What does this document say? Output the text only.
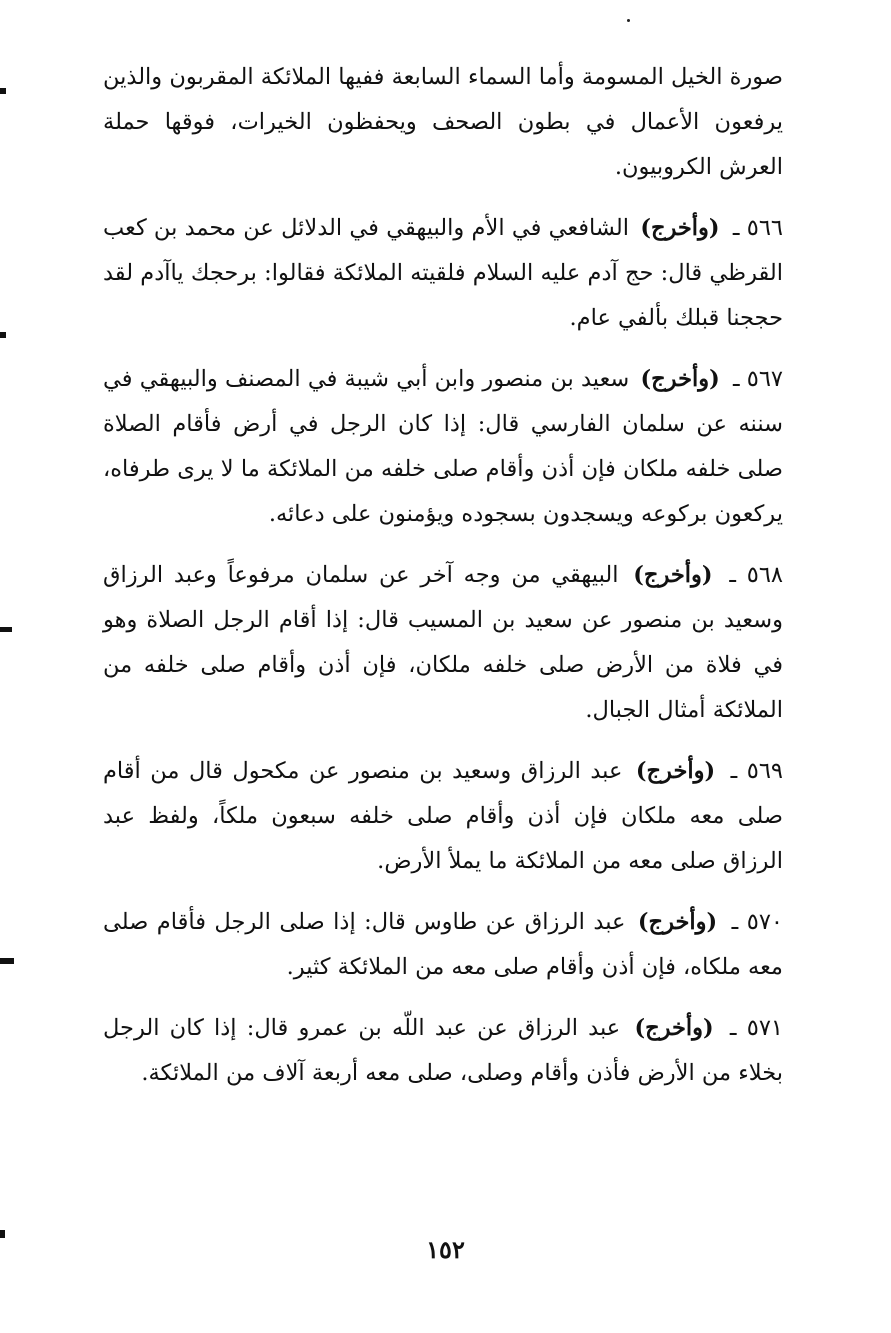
صورة الخيل المسومة وأما السماء السابعة ففيها الملائكة المقربون والذين يرفعون الأعمال في بطون الصحف ويحفظون الخيرات، فوقها حملة العرش الكروبيون.

٥٦٦ ـ (وأخرج) الشافعي في الأم والبيهقي في الدلائل عن محمد بن كعب القرظي قال: حج آدم عليه السلام فلقيته الملائكة فقالوا: برحجك ياآدم لقد حججنا قبلك بألفي عام.

٥٦٧ ـ (وأخرج) سعيد بن منصور وابن أبي شيبة في المصنف والبيهقي في سننه عن سلمان الفارسي قال: إذا كان الرجل في أرض فأقام الصلاة صلى خلفه ملكان فإن أذن وأقام صلى خلفه من الملائكة ما لا يرى طرفاه، يركعون بركوعه ويسجدون بسجوده ويؤمنون على دعائه.

٥٦٨ ـ (وأخرج) البيهقي من وجه آخر عن سلمان مرفوعاً وعبد الرزاق وسعيد بن منصور عن سعيد بن المسيب قال: إذا أقام الرجل الصلاة وهو في فلاة من الأرض صلى خلفه ملكان، فإن أذن وأقام صلى خلفه من الملائكة أمثال الجبال.

٥٦٩ ـ (وأخرج) عبد الرزاق وسعيد بن منصور عن مكحول قال من أقام صلى معه ملكان فإن أذن وأقام صلى خلفه سبعون ملكاً، ولفظ عبد الرزاق صلى معه من الملائكة ما يملأ الأرض.

٥٧٠ ـ (وأخرج) عبد الرزاق عن طاوس قال: إذا صلى الرجل فأقام صلى معه ملكاه، فإن أذن وأقام صلى معه من الملائكة كثير.

٥٧١ ـ (وأخرج) عبد الرزاق عن عبد اللّه بن عمرو قال: إذا كان الرجل بخلاء من الأرض فأذن وأقام وصلى، صلى معه أربعة آلاف من الملائكة.

١٥٢
